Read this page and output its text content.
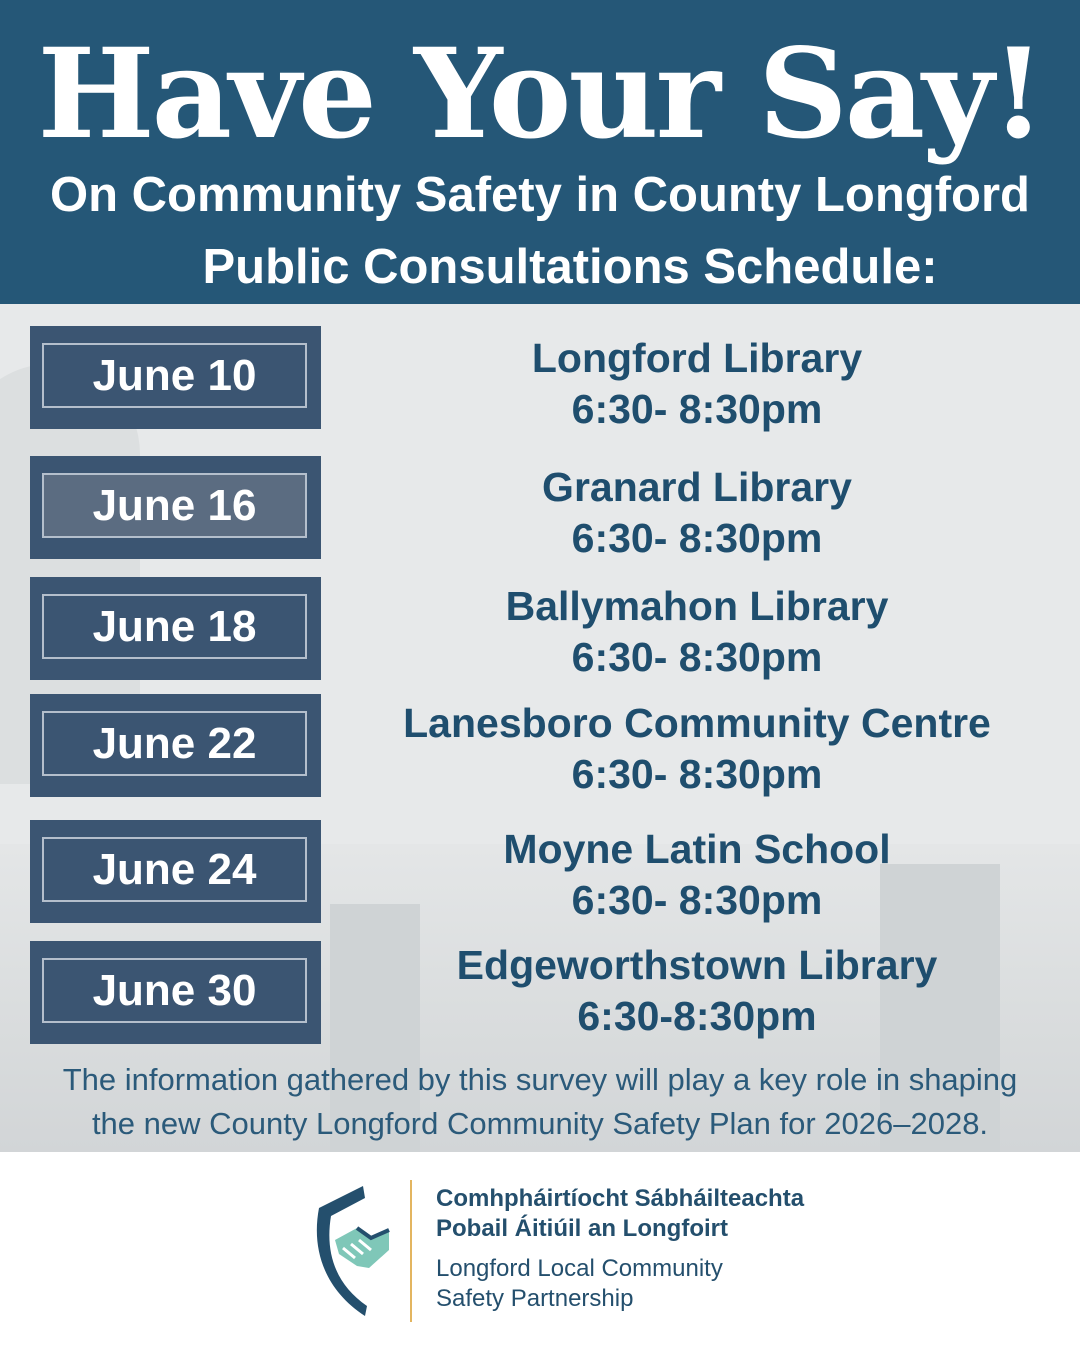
Have Your Say!
On Community Safety in County Longford
Public Consultations Schedule:
June 10	Longford Library
6:30- 8:30pm
June 16	Granard Library
6:30- 8:30pm
June 18	Ballymahon Library
6:30- 8:30pm
June 22	Lanesboro Community Centre
6:30- 8:30pm
June 24	Moyne Latin School
6:30- 8:30pm
June 30
Edgeworthstown Library
6:30-8:30pm
The information gathered by this survey will play a key role in shaping
the new County Longford Community Safety Plan for 2026–2028.
Comhpháirtíocht Sábháilteachta
Pobail Áitiúil an Longfoirt
Longford Local Community
Safety Partnership
